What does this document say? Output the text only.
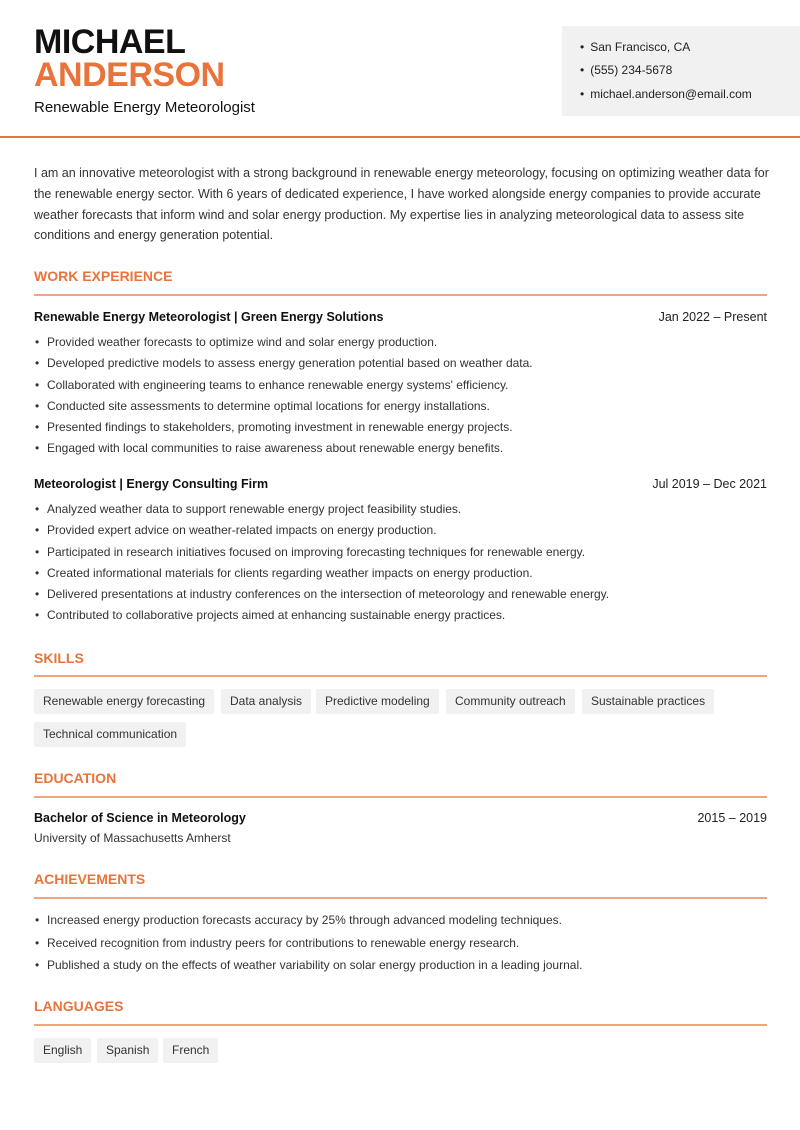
MICHAEL
ANDERSON
Renewable Energy Meteorologist
• San Francisco, CA
• (555) 234-5678
• michael.anderson@email.com
I am an innovative meteorologist with a strong background in renewable energy meteorology, focusing on optimizing weather data for the renewable energy sector. With 6 years of dedicated experience, I have worked alongside energy companies to provide accurate weather forecasts that inform wind and solar energy production. My expertise lies in analyzing meteorological data to assess site conditions and energy generation potential.
WORK EXPERIENCE
Renewable Energy Meteorologist | Green Energy Solutions	Jan 2022 – Present
• Provided weather forecasts to optimize wind and solar energy production.
• Developed predictive models to assess energy generation potential based on weather data.
• Collaborated with engineering teams to enhance renewable energy systems' efficiency.
• Conducted site assessments to determine optimal locations for energy installations.
• Presented findings to stakeholders, promoting investment in renewable energy projects.
• Engaged with local communities to raise awareness about renewable energy benefits.
Meteorologist | Energy Consulting Firm	Jul 2019 – Dec 2021
• Analyzed weather data to support renewable energy project feasibility studies.
• Provided expert advice on weather-related impacts on energy production.
• Participated in research initiatives focused on improving forecasting techniques for renewable energy.
• Created informational materials for clients regarding weather impacts on energy production.
• Delivered presentations at industry conferences on the intersection of meteorology and renewable energy.
• Contributed to collaborative projects aimed at enhancing sustainable energy practices.
SKILLS
Renewable energy forecasting	Data analysis	Predictive modeling	Community outreach	Sustainable practices
Technical communication
EDUCATION
Bachelor of Science in Meteorology	2015 – 2019
University of Massachusetts Amherst
ACHIEVEMENTS
• Increased energy production forecasts accuracy by 25% through advanced modeling techniques.
• Received recognition from industry peers for contributions to renewable energy research.
• Published a study on the effects of weather variability on solar energy production in a leading journal.
LANGUAGES
English	Spanish	French
